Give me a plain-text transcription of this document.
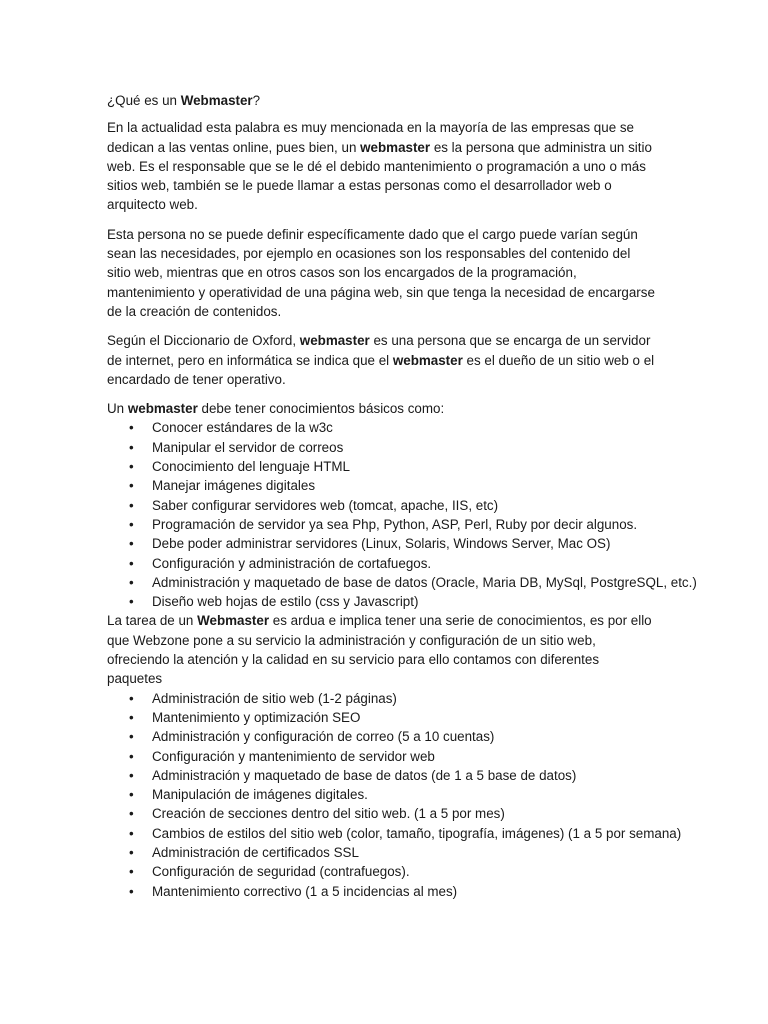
¿Qué es un Webmaster?

En la actualidad esta palabra es muy mencionada en la mayoría de las empresas que se dedican a las ventas online, pues bien, un webmaster es la persona que administra un sitio web. Es el responsable que se le dé el debido mantenimiento o programación a uno o más sitios web, también se le puede llamar a estas personas como el desarrollador web o arquitecto web.

Esta persona no se puede definir específicamente dado que el cargo puede varían según sean las necesidades, por ejemplo en ocasiones son los responsables del contenido del sitio web, mientras que en otros casos son los encargados de la programación, mantenimiento y operatividad de una página web, sin que tenga la necesidad de encargarse de la creación de contenidos.

Según el Diccionario de Oxford, webmaster es una persona que se encarga de un servidor de internet, pero en informática se indica que el webmaster es el dueño de un sitio web o el encardado de tener operativo.

Un webmaster debe tener conocimientos básicos como:

• Conocer estándares de la w3c
• Manipular el servidor de correos
• Conocimiento del lenguaje HTML
• Manejar imágenes digitales
• Saber configurar servidores web (tomcat, apache, IIS, etc)
• Programación de servidor ya sea Php, Python, ASP, Perl, Ruby por decir algunos.
• Debe poder administrar servidores (Linux, Solaris, Windows Server, Mac OS)
• Configuración y administración de cortafuegos.
• Administración y maquetado de base de datos (Oracle, Maria DB, MySql, PostgreSQL, etc.)
• Diseño web hojas de estilo (css y Javascript)

La tarea de un Webmaster es ardua e implica tener una serie de conocimientos, es por ello que Webzone pone a su servicio la administración y configuración de un sitio web, ofreciendo la atención y la calidad en su servicio para ello contamos con diferentes paquetes

• Administración de sitio web (1-2 páginas)
• Mantenimiento y optimización SEO
• Administración y configuración de correo (5 a 10 cuentas)
• Configuración y mantenimiento de servidor web
• Administración y maquetado de base de datos (de 1 a 5 base de datos)
• Manipulación de imágenes digitales.
• Creación de secciones dentro del sitio web. (1 a 5 por mes)
• Cambios de estilos del sitio web (color, tamaño, tipografía, imágenes) (1 a 5 por semana)
• Administración de certificados SSL
• Configuración de seguridad (contrafuegos).
• Mantenimiento correctivo (1 a 5 incidencias al mes)
